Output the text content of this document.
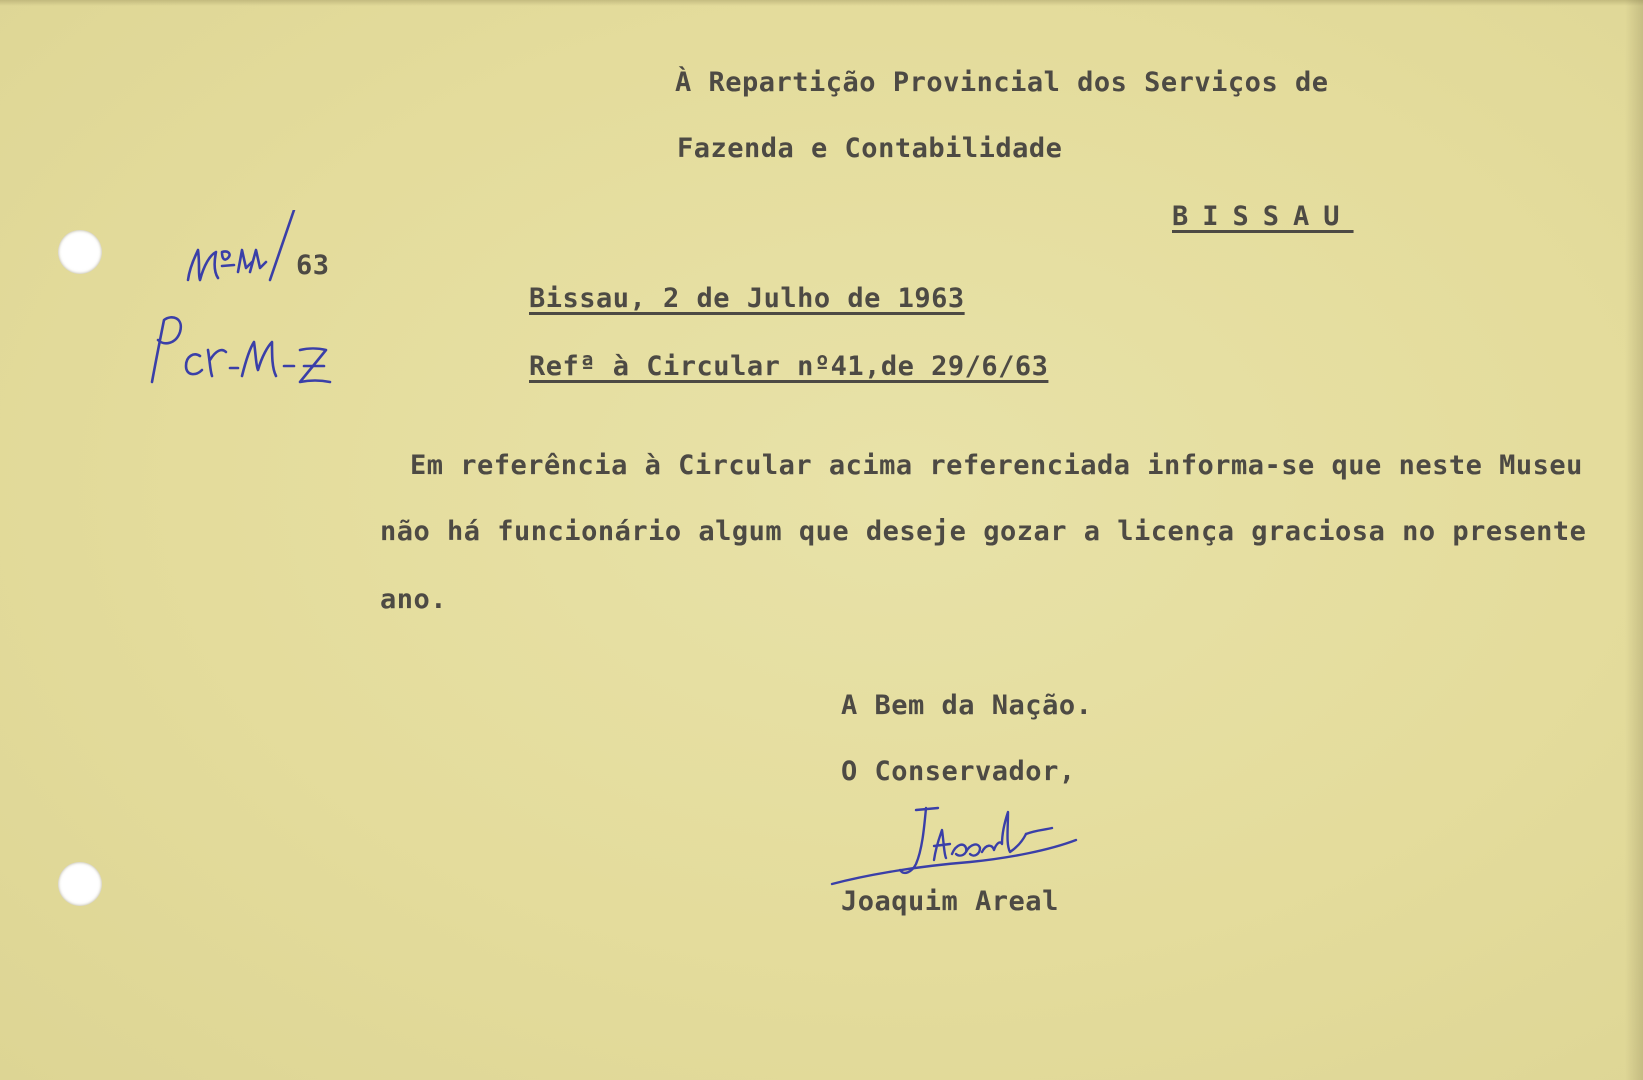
À Repartição Provincial dos Serviços de
Fazenda e Contabilidade
BISSAU
63
Bissau, 2 de Julho de 1963
Refª à Circular nº41,de 29/6/63
Em referência à Circular acima referenciada informa-se que neste Museu
não há funcionário algum que deseje gozar a licença graciosa no presente
ano.
A Bem da Nação.
O Conservador,
Joaquim Areal
